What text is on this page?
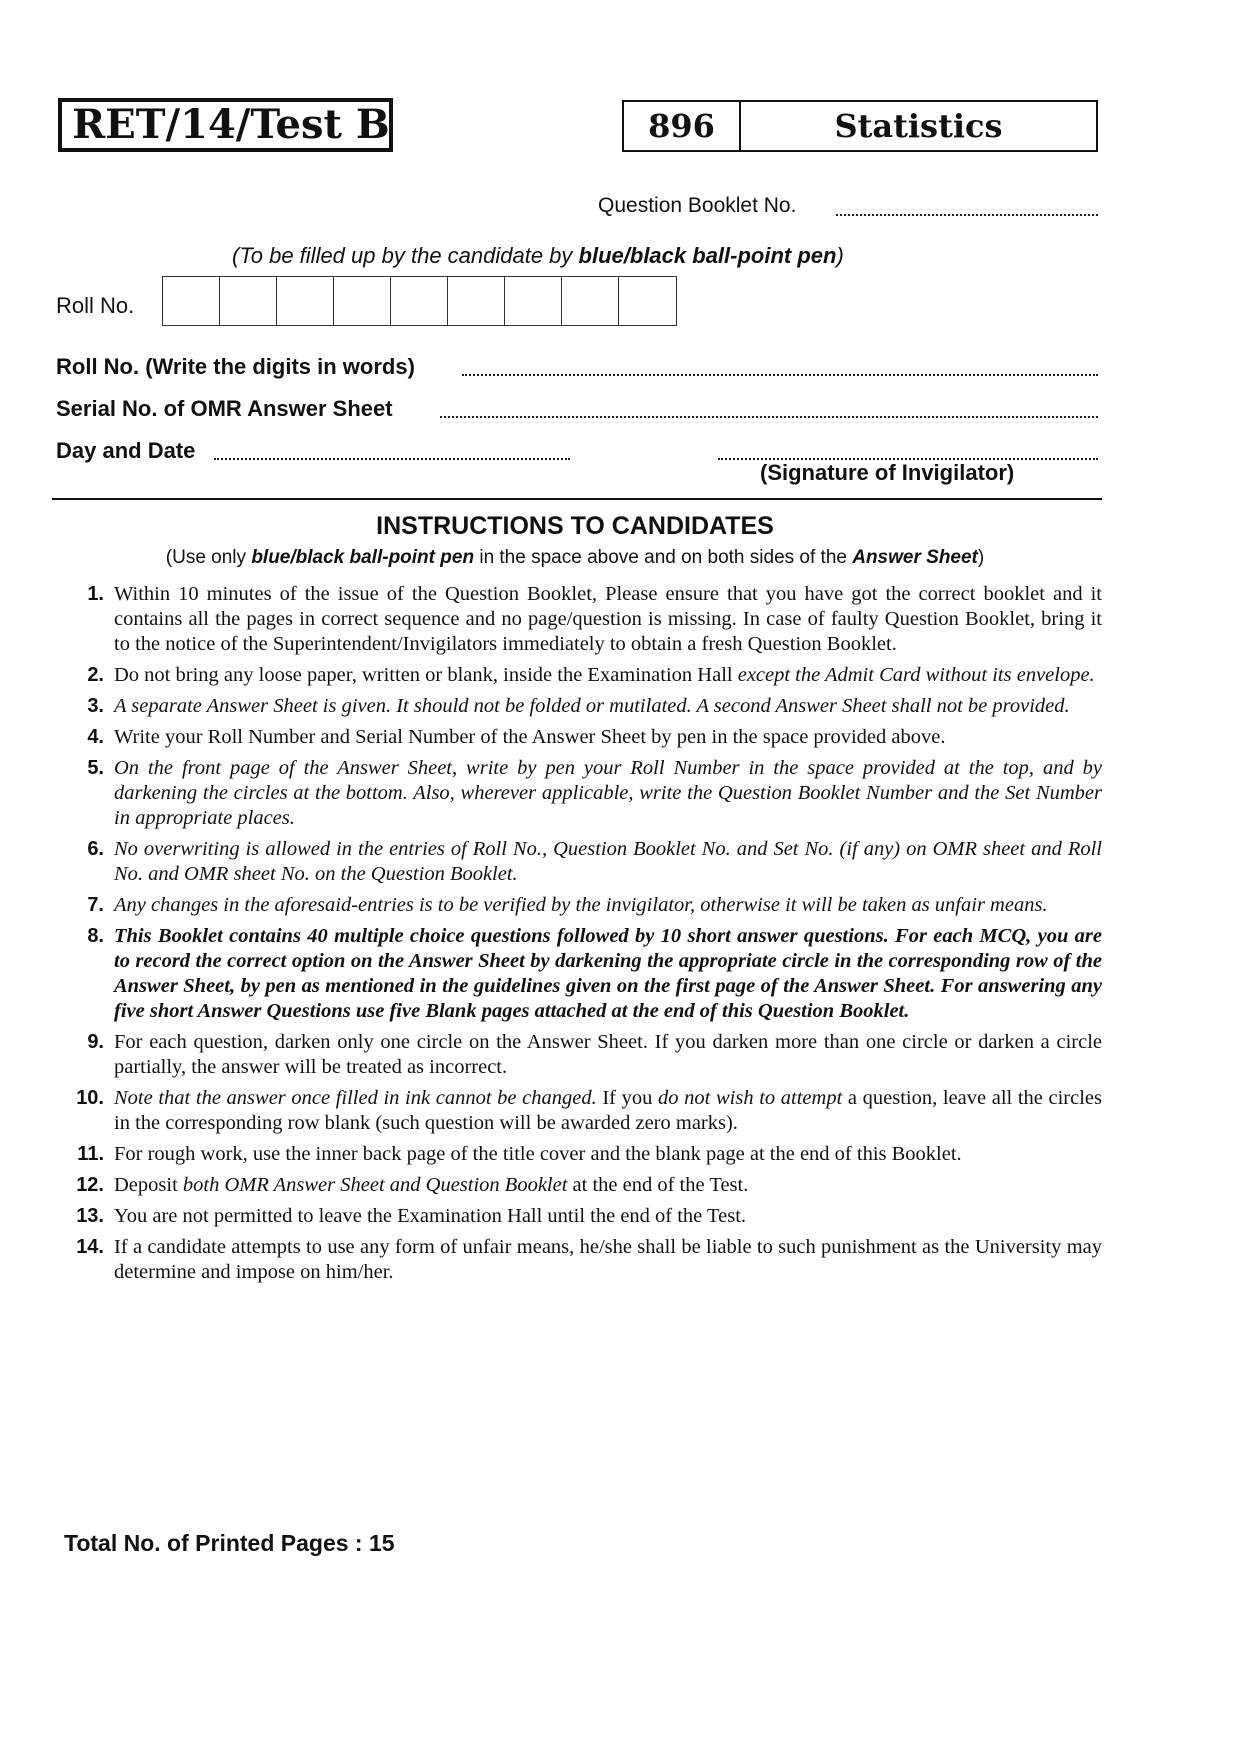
RET/14/Test B	896	Statistics
Question Booklet No.
(To be filled up by the candidate by blue/black ball-point pen)
Roll No.
Roll No. (Write the digits in words)
Serial No. of OMR Answer Sheet
Day and Date
(Signature of Invigilator)
INSTRUCTIONS TO CANDIDATES
(Use only blue/black ball-point pen in the space above and on both sides of the Answer Sheet)
1. Within 10 minutes of the issue of the Question Booklet, Please ensure that you have got the correct booklet and it contains all the pages in correct sequence and no page/question is missing. In case of faulty Question Booklet, bring it to the notice of the Superintendent/Invigilators immediately to obtain a fresh Question Booklet.
2. Do not bring any loose paper, written or blank, inside the Examination Hall except the Admit Card without its envelope.
3. A separate Answer Sheet is given. It should not be folded or mutilated. A second Answer Sheet shall not be provided.
4. Write your Roll Number and Serial Number of the Answer Sheet by pen in the space provided above.
5. On the front page of the Answer Sheet, write by pen your Roll Number in the space provided at the top, and by darkening the circles at the bottom. Also, wherever applicable, write the Question Booklet Number and the Set Number in appropriate places.
6. No overwriting is allowed in the entries of Roll No., Question Booklet No. and Set No. (if any) on OMR sheet and Roll No. and OMR sheet No. on the Question Booklet.
7. Any changes in the aforesaid-entries is to be verified by the invigilator, otherwise it will be taken as unfair means.
8. This Booklet contains 40 multiple choice questions followed by 10 short answer questions. For each MCQ, you are to record the correct option on the Answer Sheet by darkening the appropriate circle in the corresponding row of the Answer Sheet, by pen as mentioned in the guidelines given on the first page of the Answer Sheet. For answering any five short Answer Questions use five Blank pages attached at the end of this Question Booklet.
9. For each question, darken only one circle on the Answer Sheet. If you darken more than one circle or darken a circle partially, the answer will be treated as incorrect.
10. Note that the answer once filled in ink cannot be changed. If you do not wish to attempt a question, leave all the circles in the corresponding row blank (such question will be awarded zero marks).
11. For rough work, use the inner back page of the title cover and the blank page at the end of this Booklet.
12. Deposit both OMR Answer Sheet and Question Booklet at the end of the Test.
13. You are not permitted to leave the Examination Hall until the end of the Test.
14. If a candidate attempts to use any form of unfair means, he/she shall be liable to such punishment as the University may determine and impose on him/her.
Total No. of Printed Pages : 15
